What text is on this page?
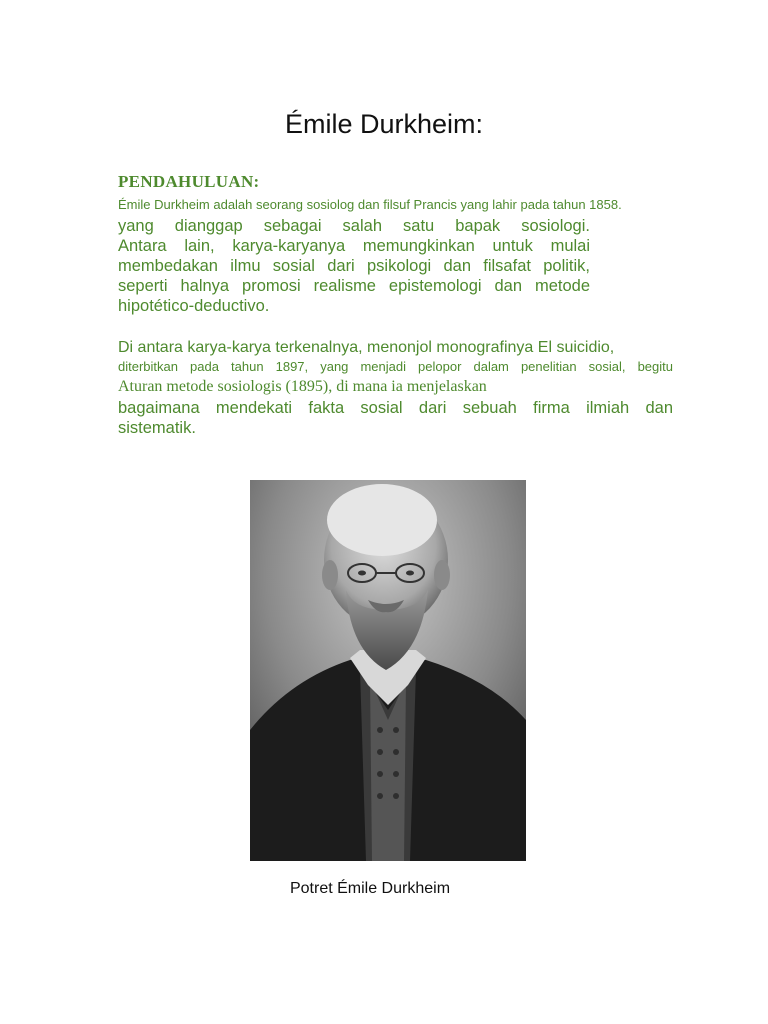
Émile Durkheim:
PENDAHULUAN:
Émile Durkheim adalah seorang sosiolog dan filsuf Prancis yang lahir pada tahun 1858.
yang dianggap sebagai salah satu bapak sosiologi.
Antara lain, karya-karyanya memungkinkan untuk mulai
membedakan ilmu sosial dari psikologi dan filsafat politik,
seperti halnya promosi realisme epistemologi dan metode
hipotético-deductivo.
Di antara karya-karya terkenalnya, menonjol monografinya El suicidio,
diterbitkan pada tahun 1897, yang menjadi pelopor dalam penelitian sosial, begitu
Aturan metode sosiologis (1895), di mana ia menjelaskan
bagaimana mendekati fakta sosial dari sebuah firma ilmiah dan
sistematik.
Potret Émile Durkheim
